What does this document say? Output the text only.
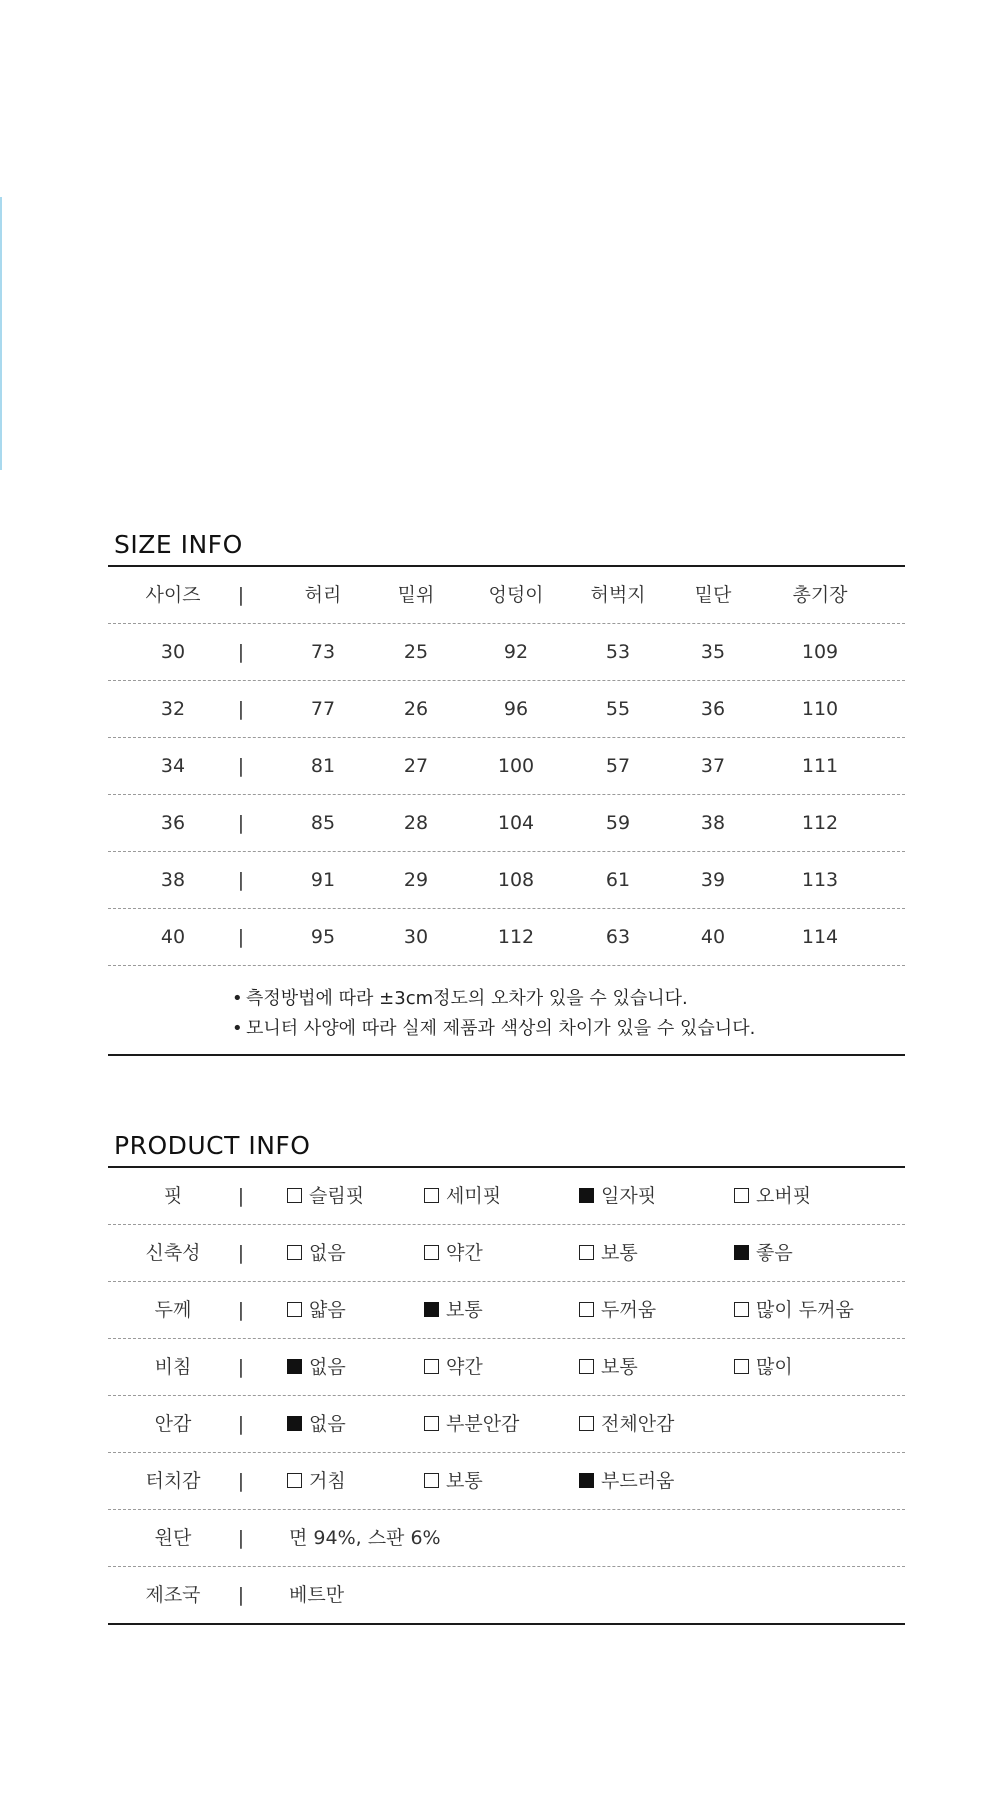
SIZE INFO
사이즈	허리	밑위	엉덩이	허벅지	밑단	총기장
|
30	73	25	92	53	35	109
|
32	77	26	96	55	36	110
|
34	81	27	100	57	37	111
|
36	85	28	104	59	38	112
|
38	91	29	108	61	39	113
|
40	95	30	112	63	40	114
|
• 측정방법에 따라 ±3cm정도의 오차가 있을 수 있습니다.
• 모니터 사양에 따라 실제 제품과 색상의 차이가 있을 수 있습니다.
PRODUCT INFO
핏	|	슬림핏	세미핏	일자핏	오버핏
신축성	|	없음	약간	보통	좋음
두께	|	얇음	보통	두꺼움	많이 두꺼움
비침	|	없음	약간	보통	많이
안감	|	없음	부분안감	전체안감
터치감	|	거침	보통	부드러움
원단	| 면 94%, 스판 6%
제조국	| 베트만
